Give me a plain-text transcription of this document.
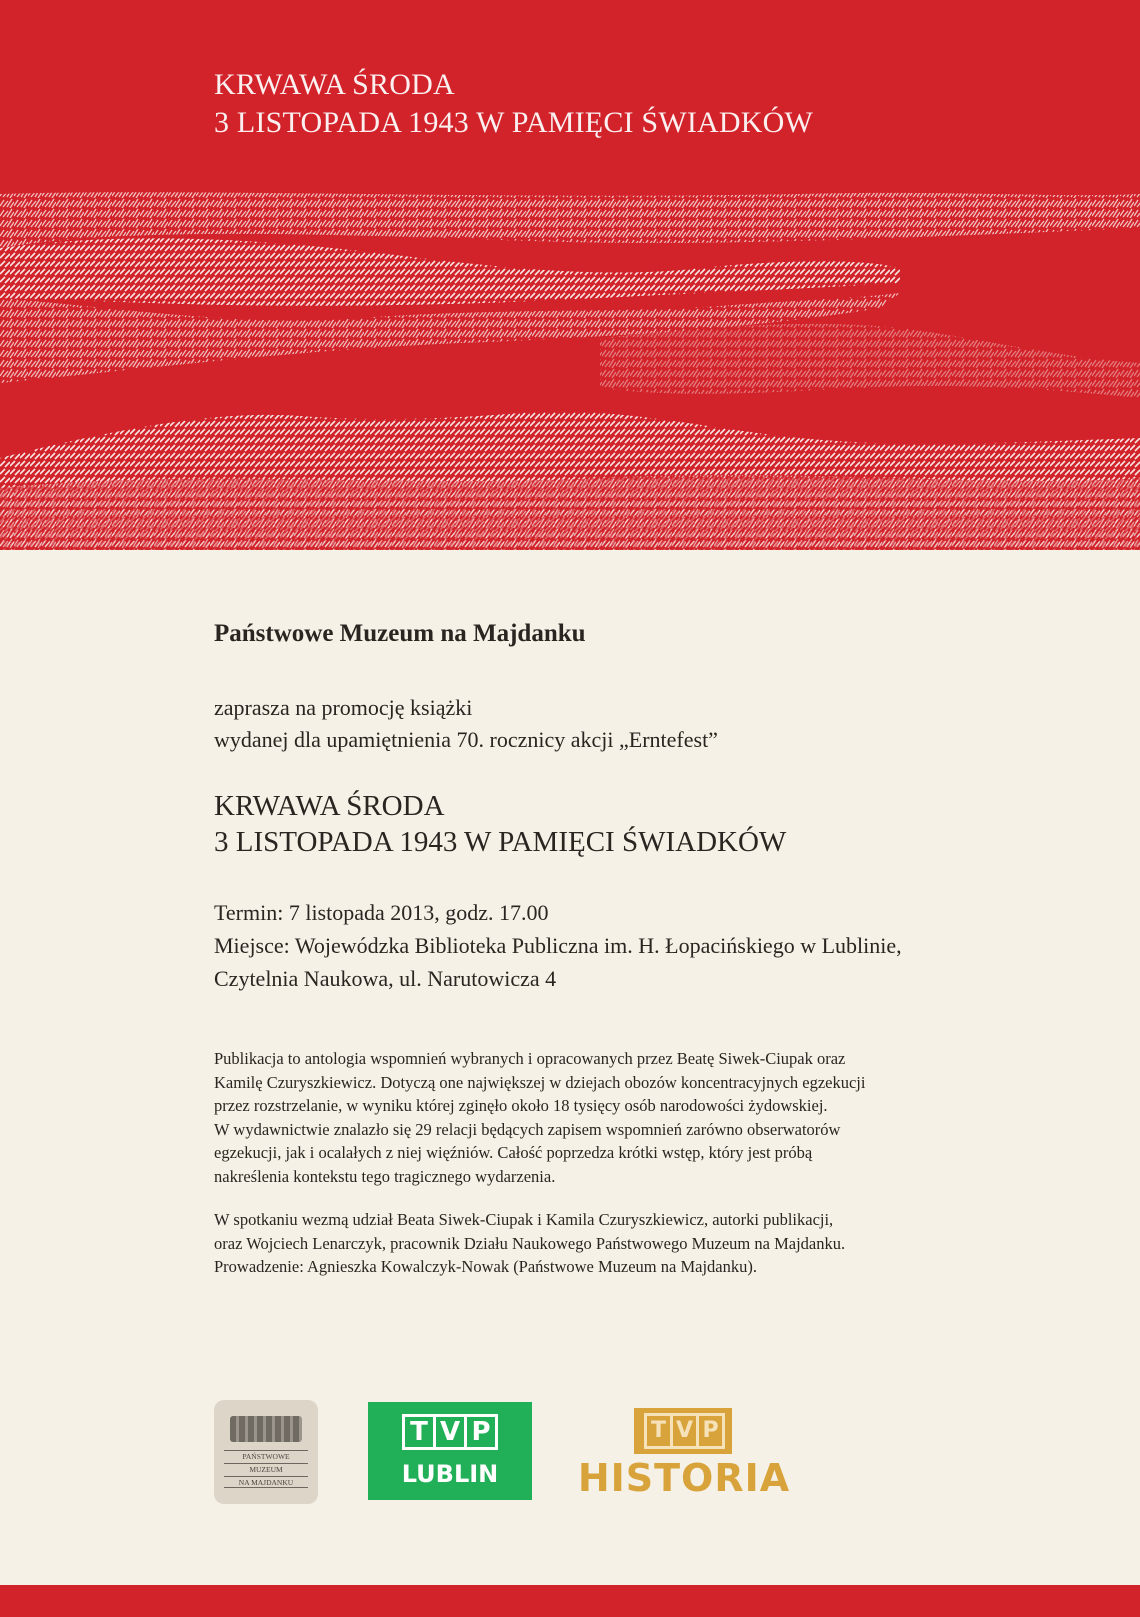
KRWAWA ŚRODA
3 LISTOPADA 1943 W PAMIĘCI ŚWIADKÓW
Państwowe Muzeum na Majdanku
zaprasza na promocję książki
wydanej dla upamiętnienia 70. rocznicy akcji „Erntefest”
KRWAWA ŚRODA
3 LISTOPADA 1943 W PAMIĘCI ŚWIADKÓW
Termin: 7 listopada 2013, godz. 17.00
Miejsce: Wojewódzka Biblioteka Publiczna im. H. Łopacińskiego w Lublinie,
Czytelnia Naukowa, ul. Narutowicza 4
Publikacja to antologia wspomnień wybranych i opracowanych przez Beatę Siwek-Ciupak oraz
Kamilę Czuryszkiewicz. Dotyczą one największej w dziejach obozów koncentracyjnych egzekucji
przez rozstrzelanie, w wyniku której zginęło około 18 tysięcy osób narodowości żydowskiej.
W wydawnictwie znalazło się 29 relacji będących zapisem wspomnień zarówno obserwatorów
egzekucji, jak i ocalałych z niej więźniów. Całość poprzedza krótki wstęp, który jest próbą
nakreślenia kontekstu tego tragicznego wydarzenia.
W spotkaniu wezmą udział Beata Siwek-Ciupak i Kamila Czuryszkiewicz, autorki publikacji,
oraz Wojciech Lenarczyk, pracownik Działu Naukowego Państwowego Muzeum na Majdanku.
Prowadzenie: Agnieszka Kowalczyk-Nowak (Państwowe Muzeum na Majdanku).
PAŃSTWOWE
MUZEUM
NA MAJDANKU
T V P
LUBLIN
T V P
HISTORIA
